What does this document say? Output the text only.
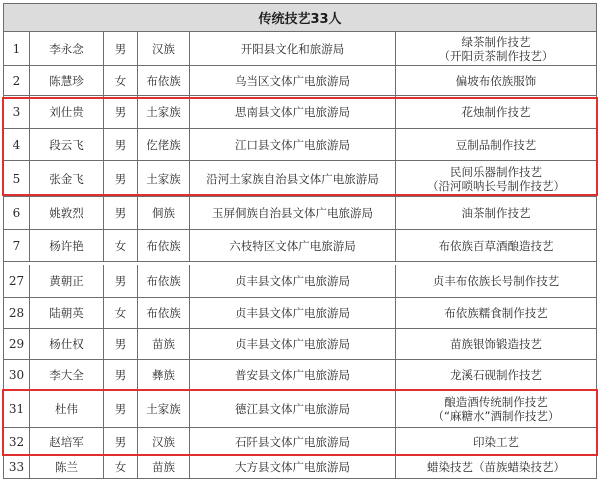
传统技艺33人
1	李永念	男 汉族	开阳县文化和旅游局	绿茶制作技艺
（开阳贡茶制作技艺）
2	陈慧珍	女 布依族	乌当区文体广电旅游局	偏坡布依族服饰
3	刘仕贵	男 土家族	思南县文体广电旅游局	花烛制作技艺
4	段云飞	男 仡佬族	江口县文体广电旅游局	豆制品制作技艺
5	张金飞	男 土家族 沿河土家族自治县文体广电旅游局	民间乐器制作技艺
（沿河唢呐长号制作技艺）
6	姚敦烈	男 侗族	玉屏侗族自治县文体广电旅游局	油茶制作技艺
7	杨许艳	女 布依族	六枝特区文体广电旅游局	布依族百草酒酿造技艺
27 黄朝正	男 布依族	贞丰县文体广电旅游局	贞丰布依族长号制作技艺
28 陆朝英	女 布依族	贞丰县文体广电旅游局	布依族糯食制作技艺
29 杨仕权	男 苗族	贞丰县文体广电旅游局	苗族银饰锻造技艺
30 李大全	男 彝族	普安县文体广电旅游局	龙溪石砚制作技艺
31	杜伟	男 土家族	德江县文体广电旅游局	酿造酒传统制作技艺
（“麻糖水”酒制作技艺）
32 赵培军	男 汉族	石阡县文体广电旅游局	印染工艺
33	陈兰	女 苗族	大方县文体广电旅游局	蜡染技艺（苗族蜡染技艺）
